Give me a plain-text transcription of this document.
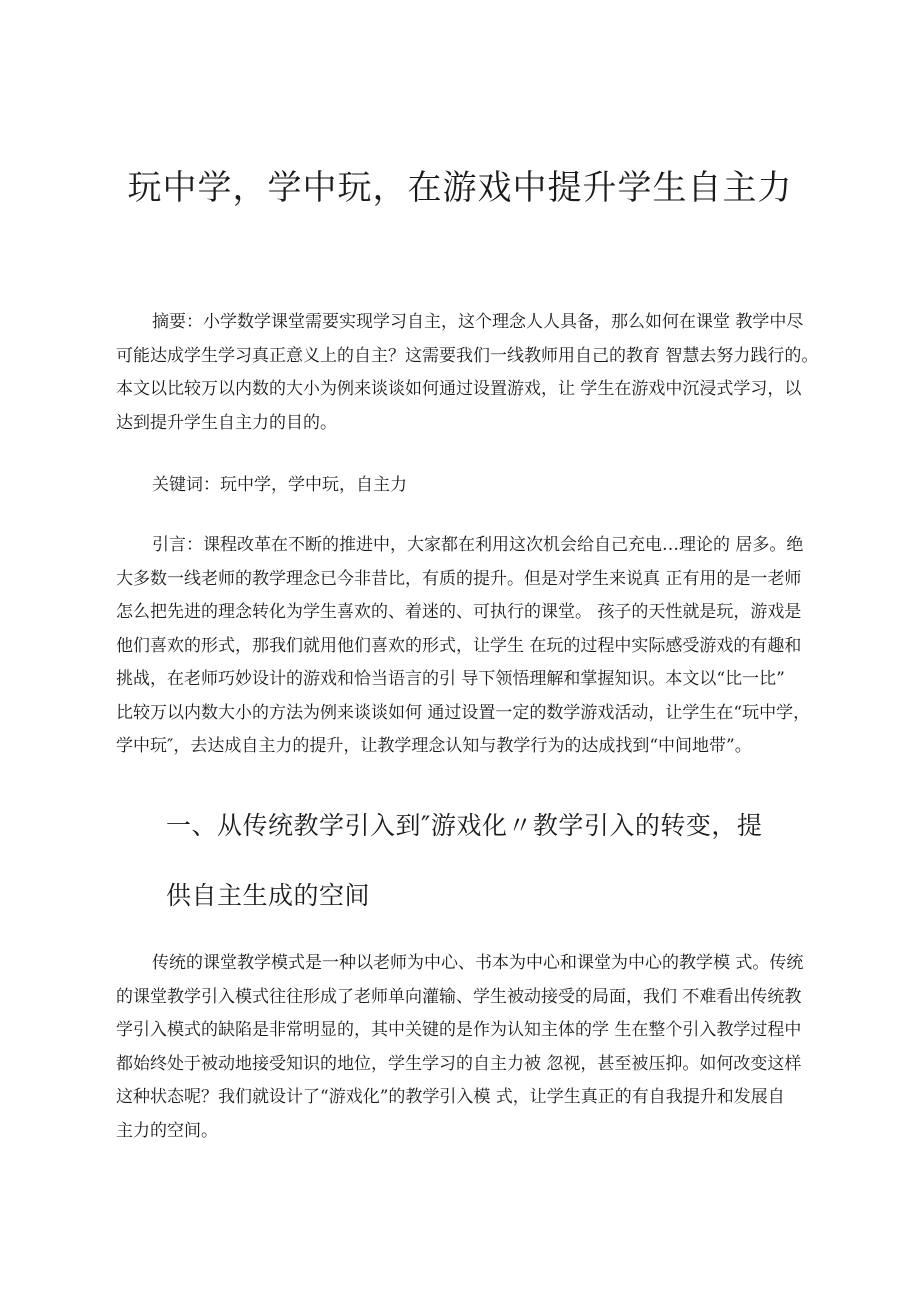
玩中学，学中玩，在游戏中提升学生自主力

摘要：小学数学课堂需要实现学习自主，这个理念人人具备，那么如何在课堂 教学中尽
可能达成学生学习真正意义上的自主？这需要我们一线教师用自己的教育 智慧去努力践行的。
本文以比较万以内数的大小为例来谈谈如何通过设置游戏，让 学生在游戏中沉浸式学习，以
达到提升学生自主力的目的。

关键词：玩中学，学中玩，自主力

引言：课程改革在不断的推进中，大家都在利用这次机会给自己充电…理论的 居多。绝
大多数一线老师的教学理念已今非昔比，有质的提升。但是对学生来说真 正有用的是一老师
怎么把先进的理念转化为学生喜欢的、着迷的、可执行的课堂。 孩子的天性就是玩，游戏是
他们喜欢的形式，那我们就用他们喜欢的形式，让学生 在玩的过程中实际感受游戏的有趣和
挑战，在老师巧妙设计的游戏和恰当语言的引 导下领悟理解和掌握知识。本文以“比一比”
比较万以内数大小的方法为例来谈谈如何 通过设置一定的数学游戏活动，让学生在“玩中学，
学中玩″，去达成自主力的提升，让教学理念认知与教学行为的达成找到“中间地带”。

一、从传统教学引入到″游戏化〃教学引入的转变，提
供自主生成的空间

传统的课堂教学模式是一种以老师为中心、书本为中心和课堂为中心的教学模 式。传统
的课堂教学引入模式往往形成了老师单向灌输、学生被动接受的局面，我们 不难看出传统教
学引入模式的缺陷是非常明显的，其中关键的是作为认知主体的学 生在整个引入教学过程中
都始终处于被动地接受知识的地位，学生学习的自主力被 忽视，甚至被压抑。如何改变这样
这种状态呢？我们就设计了“游戏化”的教学引入模 式，让学生真正的有自我提升和发展自
主力的空间。
